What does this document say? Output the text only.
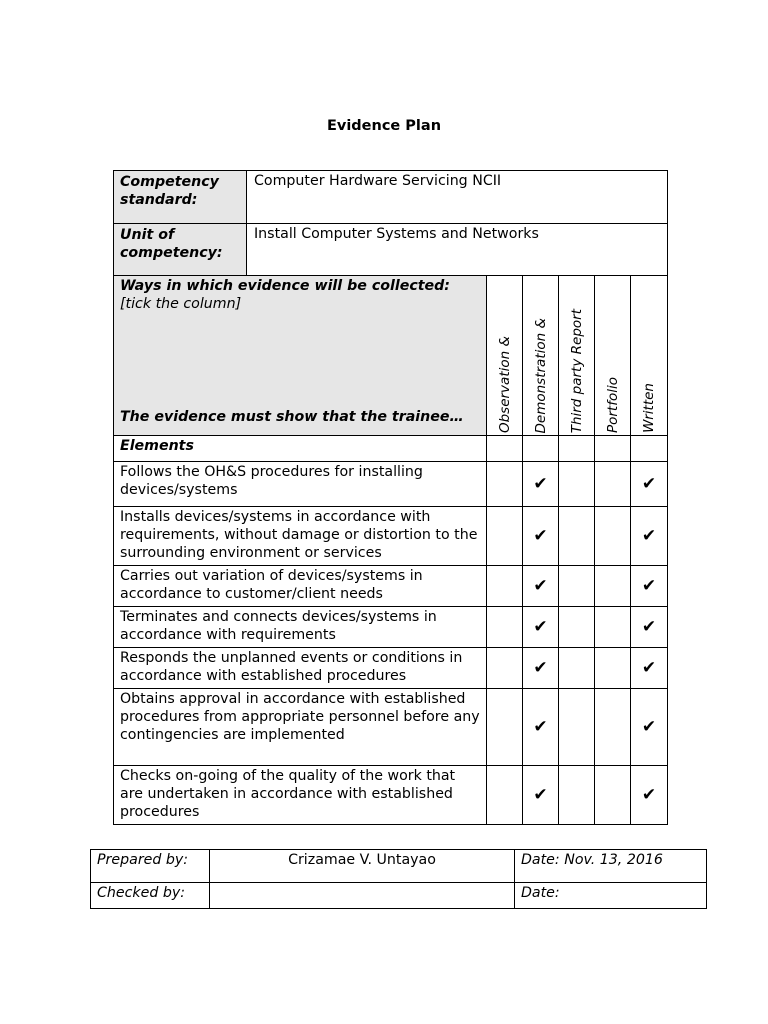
Evidence Plan
Competency standard:	Computer Hardware Servicing NCII					
Unit of competency:	Install Computer Systems and Networks					

Ways in which evidence will be collected:
[tick the column]
The evidence must show that the trainee…		Observation &	Demonstration &	Third party Report	Portfolio	Written

Elements						
Follows the OH&S procedures for installing devices/systems			✔			✔
Installs devices/systems in accordance with requirements, without damage or distortion to the surrounding environment or services			✔			✔
Carries out variation of devices/systems in accordance to customer/client needs			✔			✔
Terminates and connects devices/systems in accordance with requirements			✔			✔
Responds the unplanned events or conditions in accordance with established procedures			✔			✔
Obtains approval in accordance with established procedures from appropriate personnel before any contingencies are implemented			✔			✔
Checks on-going of the quality of the work that are undertaken in accordance with established procedures			✔			✔
Prepared by:	Crizamae V. Untayao	Date: Nov. 13, 2016
Checked by:		Date:
